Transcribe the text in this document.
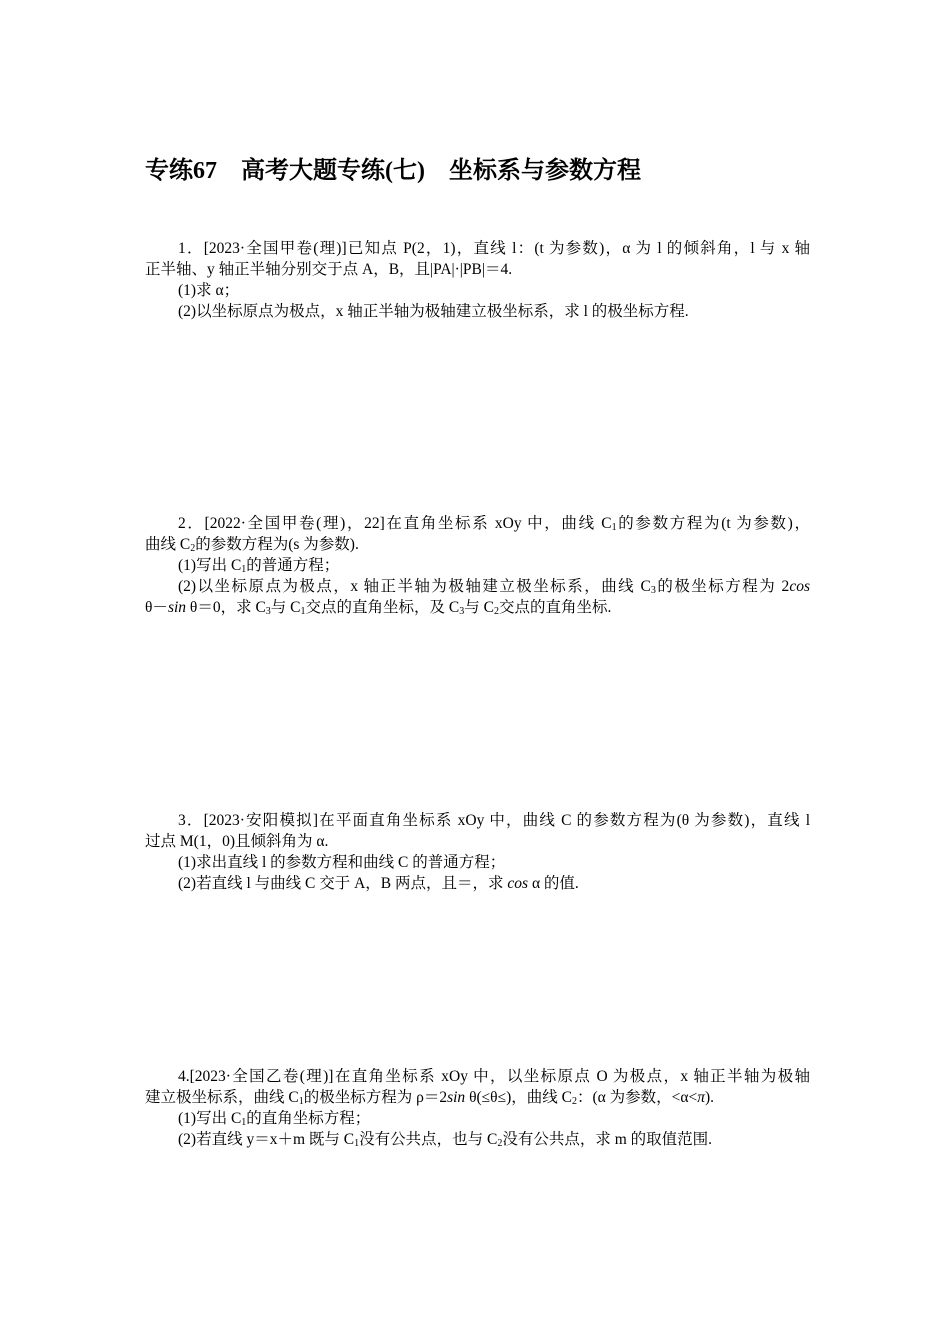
专练67　高考大题专练(七)　坐标系与参数方程

1．[2023·全国甲卷(理)]已知点 P(2，1)，直线 l：(t 为参数)，α 为 l 的倾斜角，l 与 x 轴

正半轴、y 轴正半轴分别交于点 A，B，且|PA|·|PB|＝4.

(1)求 α；

(2)以坐标原点为极点，x 轴正半轴为极轴建立极坐标系，求 l 的极坐标方程.

2．[2022·全国甲卷(理)，22]在直角坐标系 xOy 中，曲线 $C_1$的参数方程为(t 为参数)，

曲线 $C_2$的参数方程为(s 为参数).

(1)写出 $C_1$的普通方程；

(2)以坐标原点为极点，x 轴正半轴为极轴建立极坐标系，曲线 $C_3$的极坐标方程为 2cos

θ－sin θ＝0，求 $C_3$与 $C_1$交点的直角坐标，及 $C_3$与 $C_2$交点的直角坐标.

3．[2023·安阳模拟]在平面直角坐标系 xOy 中，曲线 C 的参数方程为(θ 为参数)，直线 l

过点 M(1，0)且倾斜角为 α.

(1)求出直线 l 的参数方程和曲线 C 的普通方程；

(2)若直线 l 与曲线 C 交于 A，B 两点，且＝，求 cos α 的值.

4.[2023·全国乙卷(理)]在直角坐标系 xOy 中，以坐标原点 O 为极点，x 轴正半轴为极轴

建立极坐标系，曲线 $C_1$的极坐标方程为 ρ＝2sin θ(≤θ≤)，曲线 $C_2$：(α 为参数，<α<π).

(1)写出 $C_1$的直角坐标方程；

(2)若直线 y＝x＋m 既与 $C_1$没有公共点，也与 $C_2$没有公共点，求 m 的取值范围.
